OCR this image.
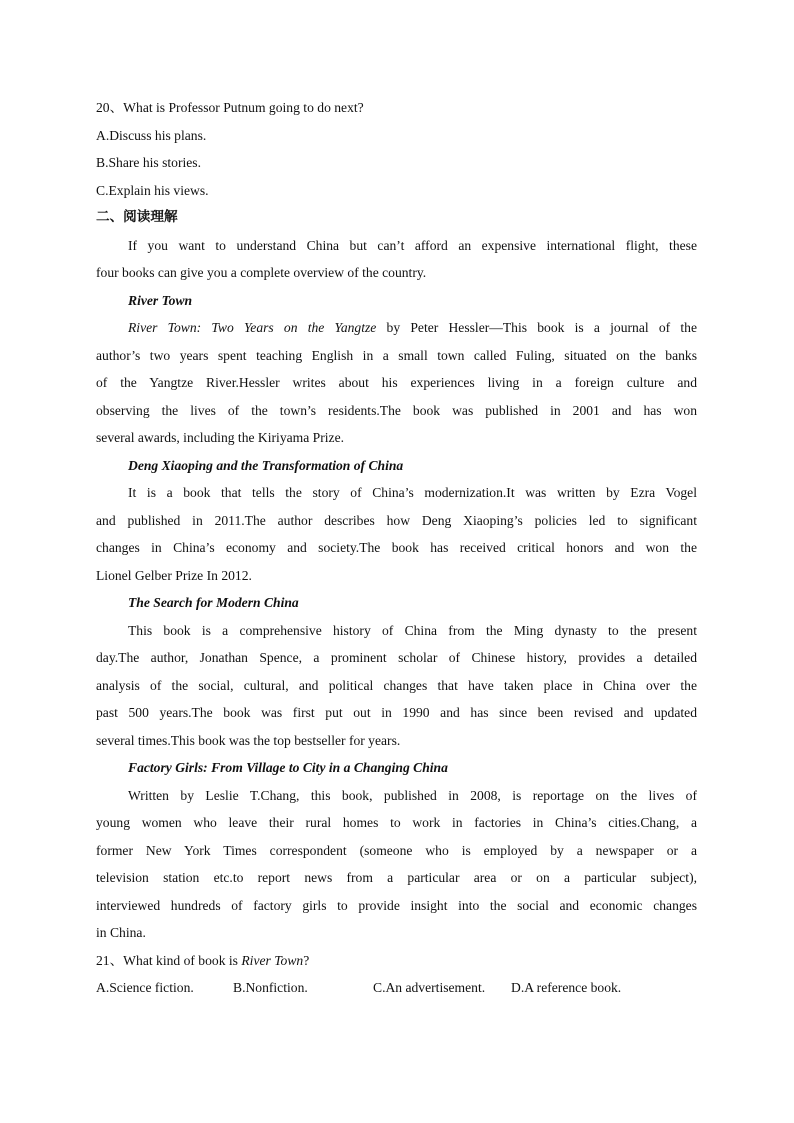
20、What is Professor Putnum going to do next?
A.Discuss his plans.
B.Share his stories.
C.Explain his views.
二、阅读理解
If you want to understand China but can’t afford an expensive international flight, these
four books can give you a complete overview of the country.
River Town
River Town: Two Years on the Yangtze by Peter Hessler—This book is a journal of the
author’s two years spent teaching English in a small town called Fuling, situated on the banks
of the Yangtze River.Hessler writes about his experiences living in a foreign culture and
observing the lives of the town’s residents.The book was published in 2001 and has won
several awards, including the Kiriyama Prize.
Deng Xiaoping and the Transformation of China
It is a book that tells the story of China’s modernization.It was written by Ezra Vogel
and published in 2011.The author describes how Deng Xiaoping’s policies led to significant
changes in China’s economy and society.The book has received critical honors and won the
Lionel Gelber Prize In 2012.
The Search for Modern China
This book is a comprehensive history of China from the Ming dynasty to the present
day.The author, Jonathan Spence, a prominent scholar of Chinese history, provides a detailed
analysis of the social, cultural, and political changes that have taken place in China over the
past 500 years.The book was first put out in 1990 and has since been revised and updated
several times.This book was the top bestseller for years.
Factory Girls: From Village to City in a Changing China
Written by Leslie T.Chang, this book, published in 2008, is reportage on the lives of
young women who leave their rural homes to work in factories in China’s cities.Chang, a
former New York Times correspondent (someone who is employed by a newspaper or a
television station etc.to report news from a particular area or on a particular subject),
interviewed hundreds of factory girls to provide insight into the social and economic changes
in China.
21、What kind of book is River Town?
A.Science fiction.	B.Nonfiction.	C.An advertisement.	D.A reference book.
